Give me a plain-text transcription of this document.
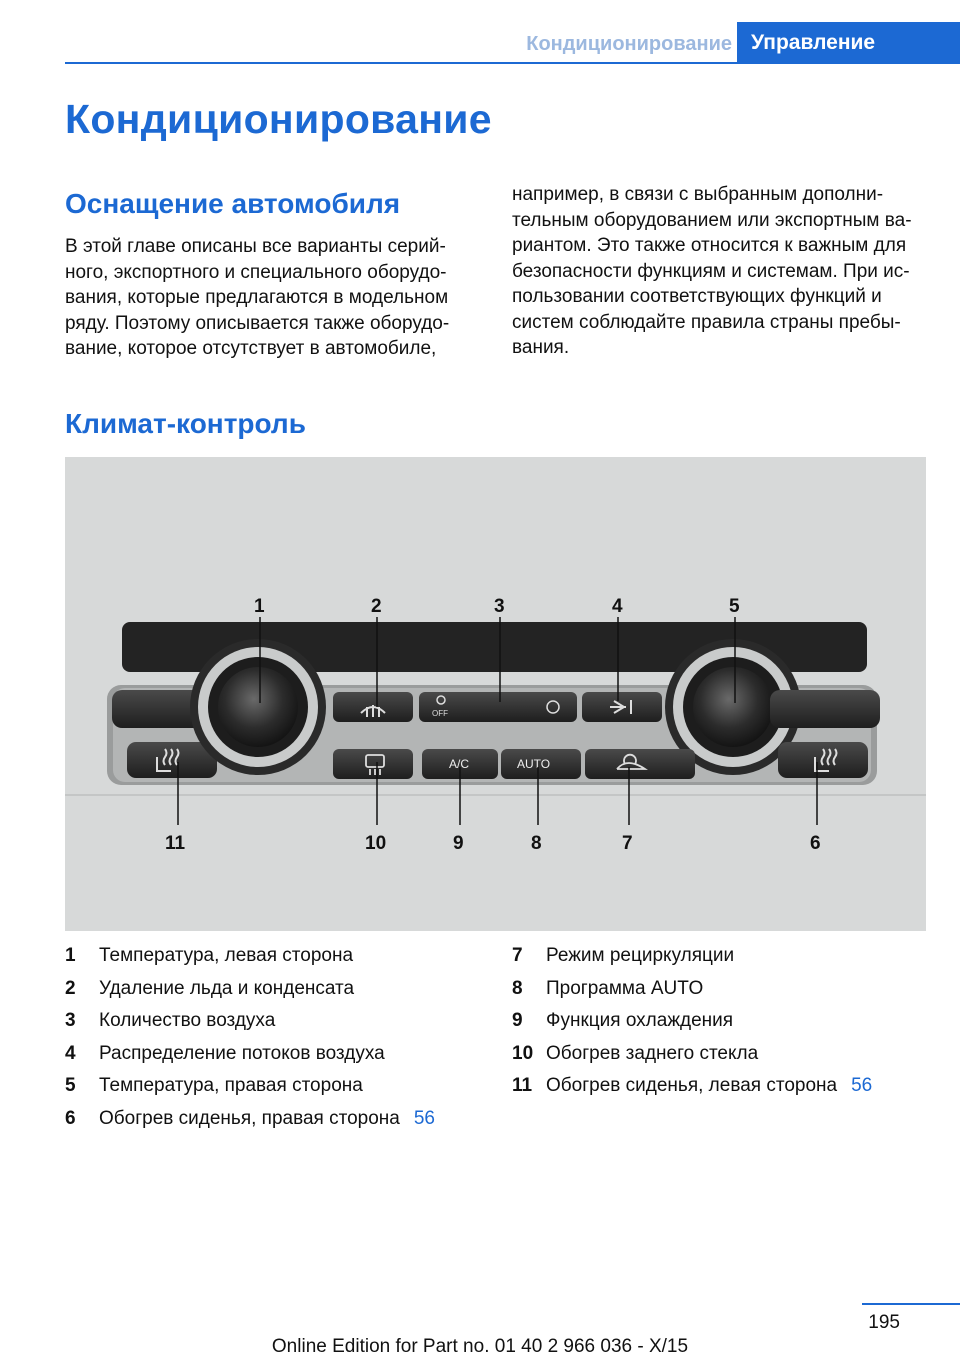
Кондиционирование Управление
Кондиционирование
Оснащение автомобиля
В этой главе описаны все варианты серий-
ного, экспортного и специального оборудо-
вания, которые предлагаются в модельном
ряду. Поэтому описывается также оборудо-
вание, которое отсутствует в автомобиле,
например, в связи с выбранным дополни-
тельным оборудованием или экспортным ва-
риантом. Это также относится к важным для
безопасности функциям и системам. При ис-
пользовании соответствующих функций и
систем соблюдайте правила страны пребы-
вания.
Климат-контроль
OFF
A/C	AUTO
1	2	3	4	5
11	10	9	8	7	6
1 Температура, левая сторона
2 Удаление льда и конденсата
3 Количество воздуха
4 Распределение потоков воздуха
5 Температура, правая сторона
6 Обогрев сиденья, правая сторона 56
7 Режим рециркуляции
8 Программа AUTO
9 Функция охлаждения
10 Обогрев заднего стекла
11 Обогрев сиденья, левая сторона 56
195
Online Edition for Part no. 01 40 2 966 036 - X/15
